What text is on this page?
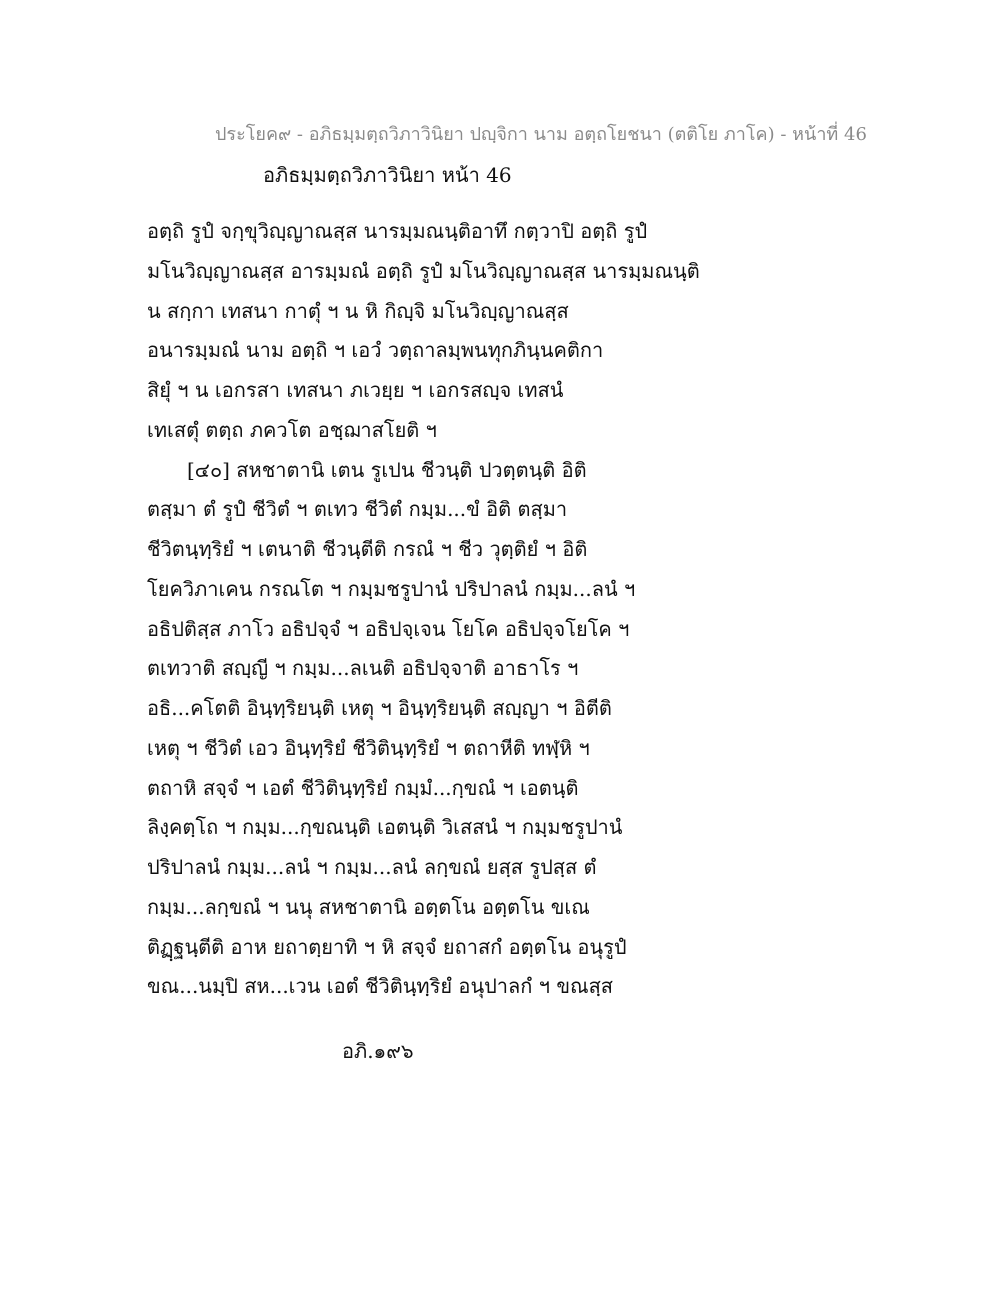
ประโยค๙ - อภิธมฺมตฺถวิภาวินิยา ปญฺจิกา นาม อตฺถโยชนา (ตติโย ภาโค) - หน้าที่ 46
อภิธมฺมตฺถวิภาวินิยา หน้า 46
อตฺถิ รูปํ จกฺขุวิญฺญาณสฺส นารมฺมณนฺติอาทึ กตฺวาปิ อตฺถิ รูปํ
มโนวิญฺญาณสฺส อารมฺมณํ อตฺถิ รูปํ มโนวิญฺญาณสฺส นารมฺมณนฺติ
น สกฺกา เทสนา กาตุํ ฯ น หิ กิญฺจิ มโนวิญฺญาณสฺส
อนารมฺมณํ นาม อตฺถิ ฯ เอวํ วตฺถาลมฺพนทุกภินฺนคติกา
สิยุํ ฯ น เอกรสา เทสนา ภเวยฺย ฯ เอกรสญฺจ เทสนํ
เทเสตุํ ตตฺถ ภควโต อชฺฌาสโยติ ฯ
[๔๐] สหชาตานิ เตน รูเปน ชีวนฺติ ปวตฺตนฺติ อิติ
ตสฺมา ตํ รูปํ ชีวิตํ ฯ ตเทว ชีวิตํ กมฺม...ขํ อิติ ตสฺมา
ชีวิตนฺทฺริยํ ฯ เตนาติ ชีวนฺตีติ กรณํ ฯ ชีว วุตฺติยํ ฯ อิติ
โยควิภาเคน กรณโต ฯ กมฺมชรูปานํ ปริปาลนํ กมฺม...ลนํ ฯ
อธิปติสฺส ภาโว อธิปจฺจํ ฯ อธิปจฺเจน โยโค อธิปจฺจโยโค ฯ
ตเทวาติ สญฺญี ฯ กมฺม...ลเนติ อธิปจฺจาติ อาธาโร ฯ
อธิ...คโตติ อินฺทฺริยนฺติ เหตุ ฯ อินฺทฺริยนฺติ สญฺญา ฯ อิตีติ
เหตุ ฯ ชีวิตํ เอว อินฺทฺริยํ ชีวิตินฺทฺริยํ ฯ ตถาหีติ ทฬฺหิ ฯ
ตถาหิ สจฺจํ ฯ เอตํ ชีวิตินฺทฺริยํ กมฺมํ...กฺขณํ ฯ เอตนฺติ
ลิงฺคตฺโถ ฯ กมฺม...กฺขณนฺติ เอตนฺติ วิเสสนํ ฯ กมฺมชรูปานํ
ปริปาลนํ กมฺม...ลนํ ฯ กมฺม...ลนํ ลกฺขณํ ยสฺส รูปสฺส ตํ
กมฺม...ลกฺขณํ ฯ นนุ สหชาตานิ อตฺตโน อตฺตโน ขเณ
ติฏฺฐนฺตีติ อาห ยถาตฺยาทิ ฯ หิ สจฺจํ ยถาสกํ อตฺตโน อนุรูปํ
ขณ...นมฺปิ สห...เวน เอตํ ชีวิตินฺทฺริยํ อนุปาลกํ ฯ ขณสฺส
อภิ.๑๙๖
